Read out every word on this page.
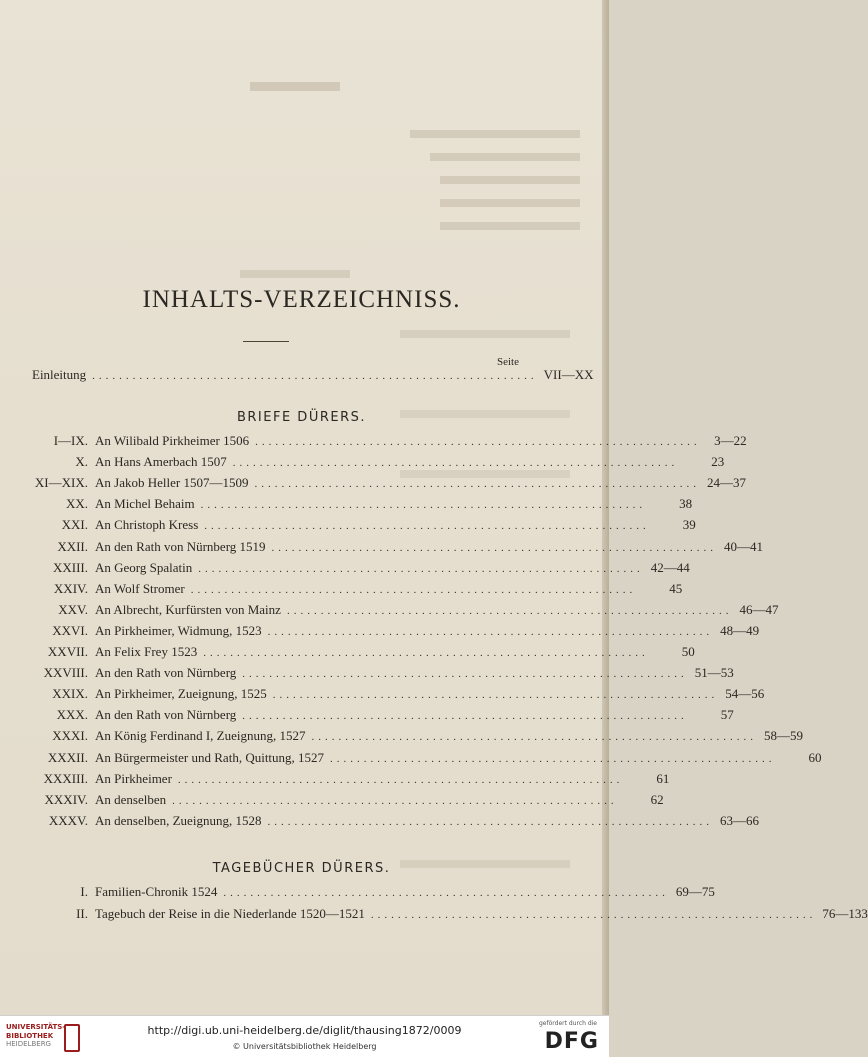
INHALTS-VERZEICHNISS.
Seite
Einleitung .................................................................. VII—XX
BRIEFE DÜRERS.
I—IX. An Wilibald Pirkheimer 1506 ..................................................................	3—22
X. An Hans Amerbach 1507 ..................................................................	23
XI—XIX. An Jakob Heller 1507—1509 .................................................................. 24—37
XX. An Michel Behaim ..................................................................	38
XXI. An Christoph Kress ..................................................................	39
XXII. An den Rath von Nürnberg 1519 .................................................................. 40—41
XXIII. An Georg Spalatin .................................................................. 42—44
XXIV. An Wolf Stromer ..................................................................	45
XXV. An Albrecht, Kurfürsten von Mainz .................................................................. 46—47
XXVI. An Pirkheimer, Widmung, 1523 .................................................................. 48—49
XXVII. An Felix Frey 1523 ..................................................................	50
XXVIII. An den Rath von Nürnberg .................................................................. 51—53
XXIX. An Pirkheimer, Zueignung, 1525 .................................................................. 54—56
XXX. An den Rath von Nürnberg ..................................................................	57
XXXI. An König Ferdinand I, Zueignung, 1527 .................................................................. 58—59
XXXII. An Bürgermeister und Rath, Quittung, 1527 ..................................................................	60
XXXIII. An Pirkheimer ..................................................................	61
XXXIV. An denselben ..................................................................	62
XXXV. An denselben, Zueignung, 1528 .................................................................. 63—66
TAGEBÜCHER DÜRERS.
I. Familien-Chronik 1524 .................................................................. 69—75
II. Tagebuch der Reise in die Niederlande 1520—1521 .................................................................. 76—133
UNIVERSITÄTS-
BIBLIOTHEK
HEIDELBERG
http://digi.ub.uni-heidelberg.de/diglit/thausing1872/0009
© Universitätsbibliothek Heidelberg
gefördert durch die
DFG
